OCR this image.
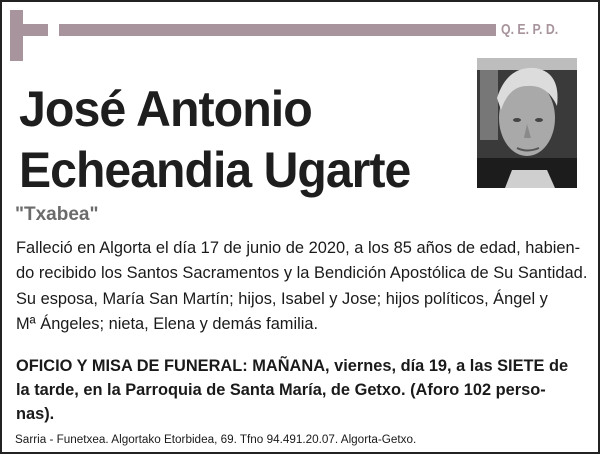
Q. E. P. D.
José Antonio
Echeandia Ugarte
"Txabea"
Falleció en Algorta el día 17 de junio de 2020, a los 85 años de edad, habien-
do recibido los Santos Sacramentos y la Bendición Apostólica de Su Santidad.
Su esposa, María San Martín; hijos, Isabel y Jose; hijos políticos, Ángel y
Mª Ángeles; nieta, Elena y demás familia.
OFICIO Y MISA DE FUNERAL: MAÑANA, viernes, día 19, a las SIETE de
la tarde, en la Parroquia de Santa María, de Getxo. (Aforo 102 perso-
nas).
Sarria - Funetxea. Algortako Etorbidea, 69. Tfno 94.491.20.07. Algorta-Getxo.
